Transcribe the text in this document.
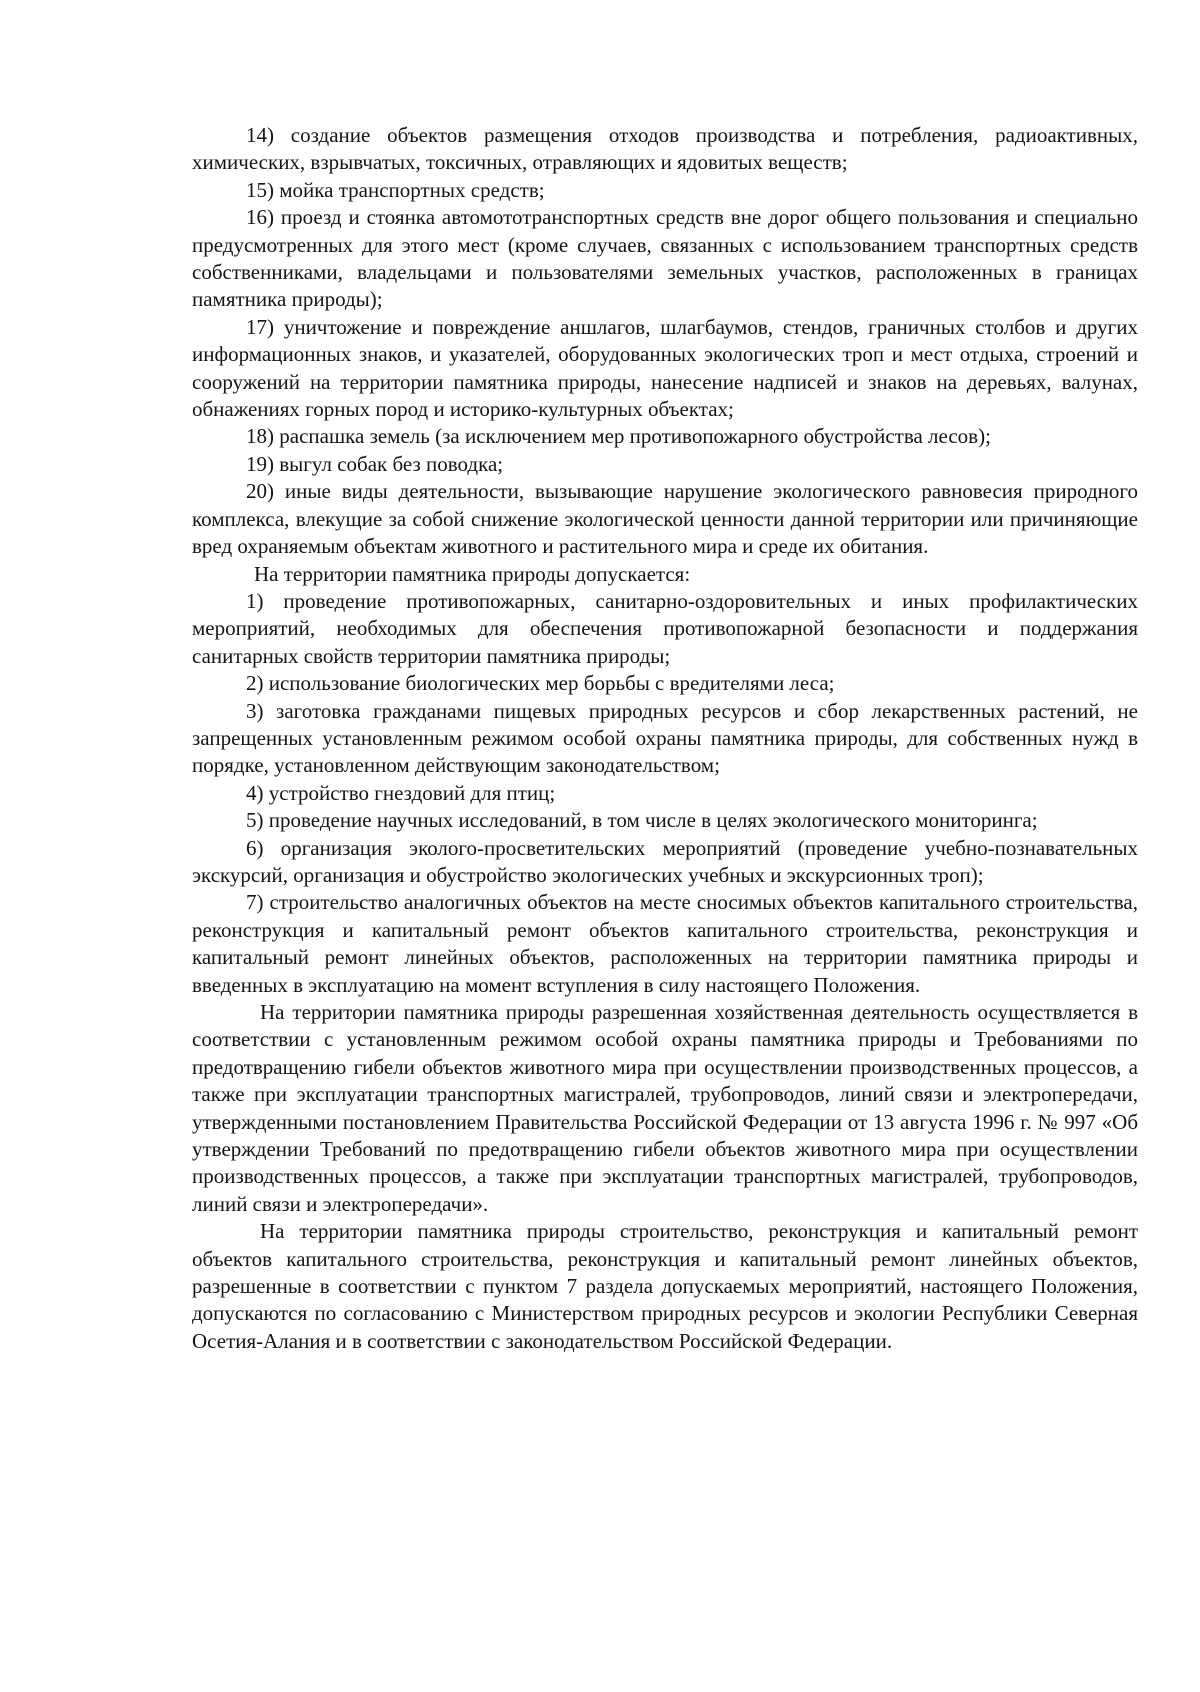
14) создание объектов размещения отходов производства и потребления, радиоактивных, химических, взрывчатых, токсичных, отравляющих и ядовитых веществ;

15) мойка транспортных средств;

16) проезд и стоянка автомототранспортных средств вне дорог общего пользования и специально предусмотренных для этого мест (кроме случаев, связанных с использованием транспортных средств собственниками, владельцами и пользователями земельных участков, расположенных в границах памятника природы);

17) уничтожение и повреждение аншлагов, шлагбаумов, стендов, граничных столбов и других информационных знаков, и указателей, оборудованных экологических троп и мест отдыха, строений и сооружений на территории памятника природы, нанесение надписей и знаков на деревьях, валунах, обнажениях горных пород и историко-культурных объектах;

18) распашка земель (за исключением мер противопожарного обустройства лесов);

19) выгул собак без поводка;

20) иные виды деятельности, вызывающие нарушение экологического равновесия природного комплекса, влекущие за собой снижение экологической ценности данной территории или причиняющие вред охраняемым объектам животного и растительного мира и среде их обитания.

На территории памятника природы допускается:

1) проведение противопожарных, санитарно-оздоровительных и иных профилактических мероприятий, необходимых для обеспечения противопожарной безопасности и поддержания санитарных свойств территории памятника природы;

2) использование биологических мер борьбы с вредителями леса;

3) заготовка гражданами пищевых природных ресурсов и сбор лекарственных растений, не запрещенных установленным режимом особой охраны памятника природы, для собственных нужд в порядке, установленном действующим законодательством;

4) устройство гнездовий для птиц;

5) проведение научных исследований, в том числе в целях экологического мониторинга;

6) организация эколого-просветительских мероприятий (проведение учебно-познавательных экскурсий, организация и обустройство экологических учебных и экскурсионных троп);

7) строительство аналогичных объектов на месте сносимых объектов капитального строительства, реконструкция и капитальный ремонт объектов капитального строительства, реконструкция и капитальный ремонт линейных объектов, расположенных на территории памятника природы и введенных в эксплуатацию на момент вступления в силу настоящего Положения.

На территории памятника природы разрешенная хозяйственная деятельность осуществляется в соответствии с установленным режимом особой охраны памятника природы и Требованиями по предотвращению гибели объектов животного мира при осуществлении производственных процессов, а также при эксплуатации транспортных магистралей, трубопроводов, линий связи и электропередачи, утвержденными постановлением Правительства Российской Федерации от 13 августа 1996 г. № 997 «Об утверждении Требований по предотвращению гибели объектов животного мира при осуществлении производственных процессов, а также при эксплуатации транспортных магистралей, трубопроводов, линий связи и электропередачи».

На территории памятника природы строительство, реконструкция и капитальный ремонт объектов капитального строительства, реконструкция и капитальный ремонт линейных объектов, разрешенные в соответствии с пунктом 7 раздела допускаемых мероприятий, настоящего Положения, допускаются по согласованию с Министерством природных ресурсов и экологии Республики Северная Осетия-Алания и в соответствии с законодательством Российской Федерации.
